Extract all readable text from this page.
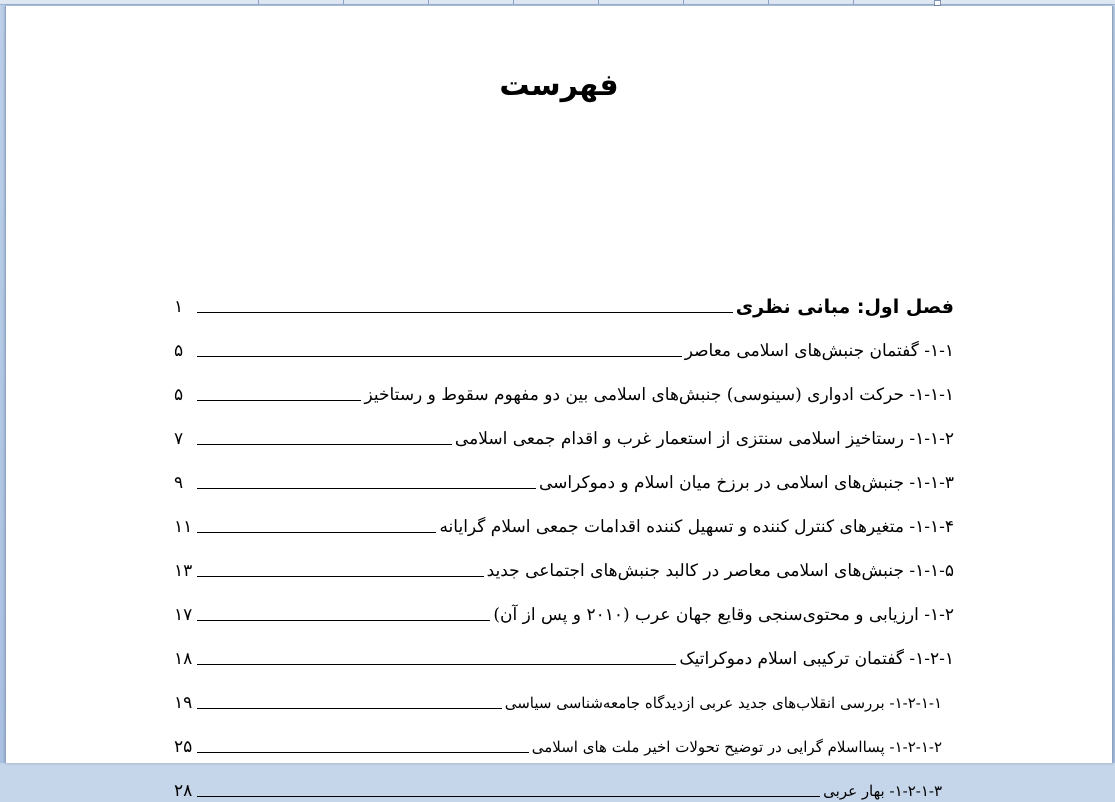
فهرست
فصل اول: مبانی نظری
۱
۱-۱- گفتمان جنبش‌های اسلامی معاصر
۵
۱-۱-۱- حرکت ادواری (سینوسی) جنبش‌های اسلامی بین دو مفهوم سقوط و رستاخیز
۵
۱-۱-۲- رستاخیز اسلامی سنتزی از استعمار غرب و اقدام جمعی اسلامی
۷
۱-۱-۳- جنبش‌های اسلامی در برزخ میان اسلام و دموکراسی
۹
۱-۱-۴- متغیرهای کنترل کننده و تسهیل کننده اقدامات جمعی اسلام گرایانه
۱۱
۱-۱-۵- جنبش‌های اسلامی معاصر در کالبد جنبش‌های اجتماعی جدید
۱۳
۱-۲- ارزیابی و محتوی‌سنجی وقایع جهان عرب (۲۰۱۰ و پس از آن)
۱۷
۱-۲-۱- گفتمان ترکیبی اسلام دموکراتیک
۱۸
۱-۲-۱-۱- بررسی انقلاب‌های جدید عربی ازدیدگاه جامعه‌شناسی سیاسی
۱۹
۱-۲-۱-۲- پسااسلام گرایی در توضیح تحولات اخیر ملت های اسلامی
۲۵
۱-۲-۱-۳- بهار عربی
۲۸
